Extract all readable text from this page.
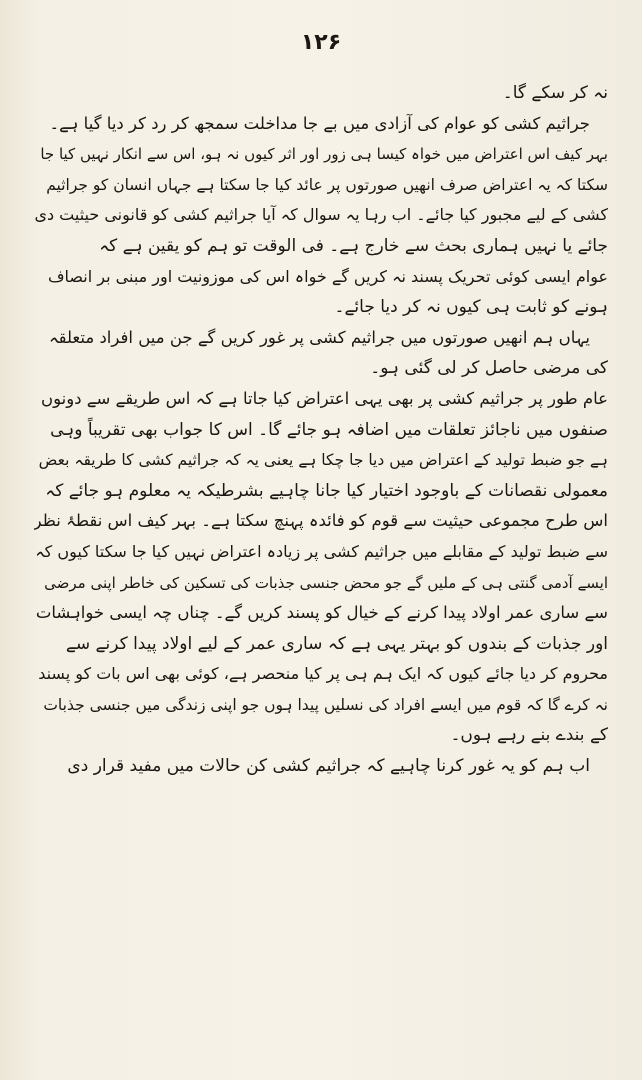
۱۲۶
نہ کر سکے گا۔
جراثیم کشی کو عوام کی آزادی میں بے جا مداخلت سمجھ کر رد کر دیا گیا ہے۔
بہر کیف اس اعتراض میں خواہ کیسا ہی زور اور اثر کیوں نہ ہو، اس سے انکار نہیں کیا جا
سکتا کہ یہ اعتراض صرف انھیں صورتوں پر عائد کیا جا سکتا ہے جہاں انسان کو جراثیم
کشی کے لیے مجبور کیا جائے۔ اب رہا یہ سوال کہ آیا جراثیم کشی کو قانونی حیثیت دی
جائے یا نہیں ہماری بحث سے خارج ہے۔ فی الوقت تو ہم کو یقین ہے کہ
عوام ایسی کوئی تحریک پسند نہ کریں گے خواہ اس کی موزونیت اور مبنی بر انصاف
ہونے کو ثابت ہی کیوں نہ کر دیا جائے۔
یہاں ہم انھیں صورتوں میں جراثیم کشی پر غور کریں گے جن میں افراد متعلقہ
کی مرضی حاصل کر لی گئی ہو۔
عام طور پر جراثیم کشی پر بھی یہی اعتراض کیا جاتا ہے کہ اس طریقے سے دونوں
صنفوں میں ناجائز تعلقات میں اضافہ ہو جائے گا۔ اس کا جواب بھی تقریباً وہی
ہے جو ضبط تولید کے اعتراض میں دیا جا چکا ہے یعنی یہ کہ جراثیم کشی کا طریقہ بعض
معمولی نقصانات کے باوجود اختیار کیا جانا چاہیے بشرطیکہ یہ معلوم ہو جائے کہ
اس طرح مجموعی حیثیت سے قوم کو فائدہ پہنچ سکتا ہے۔ بہر کیف اس نقطۂ نظر
سے ضبط تولید کے مقابلے میں جراثیم کشی پر زیادہ اعتراض نہیں کیا جا سکتا کیوں کہ
ایسے آدمی گنتی ہی کے ملیں گے جو محض جنسی جذبات کی تسکین کی خاطر اپنی مرضی
سے ساری عمر اولاد پیدا کرنے کے خیال کو پسند کریں گے۔ چناں چہ ایسی خواہشات
اور جذبات کے بندوں کو بہتر یہی ہے کہ ساری عمر کے لیے اولاد پیدا کرنے سے
محروم کر دیا جائے کیوں کہ ایک ہم ہی پر کیا منحصر ہے، کوئی بھی اس بات کو پسند
نہ کرے گا کہ قوم میں ایسے افراد کی نسلیں پیدا ہوں جو اپنی زندگی میں جنسی جذبات
کے بندے بنے رہے ہوں۔
اب ہم کو یہ غور کرنا چاہیے کہ جراثیم کشی کن حالات میں مفید قرار دی
